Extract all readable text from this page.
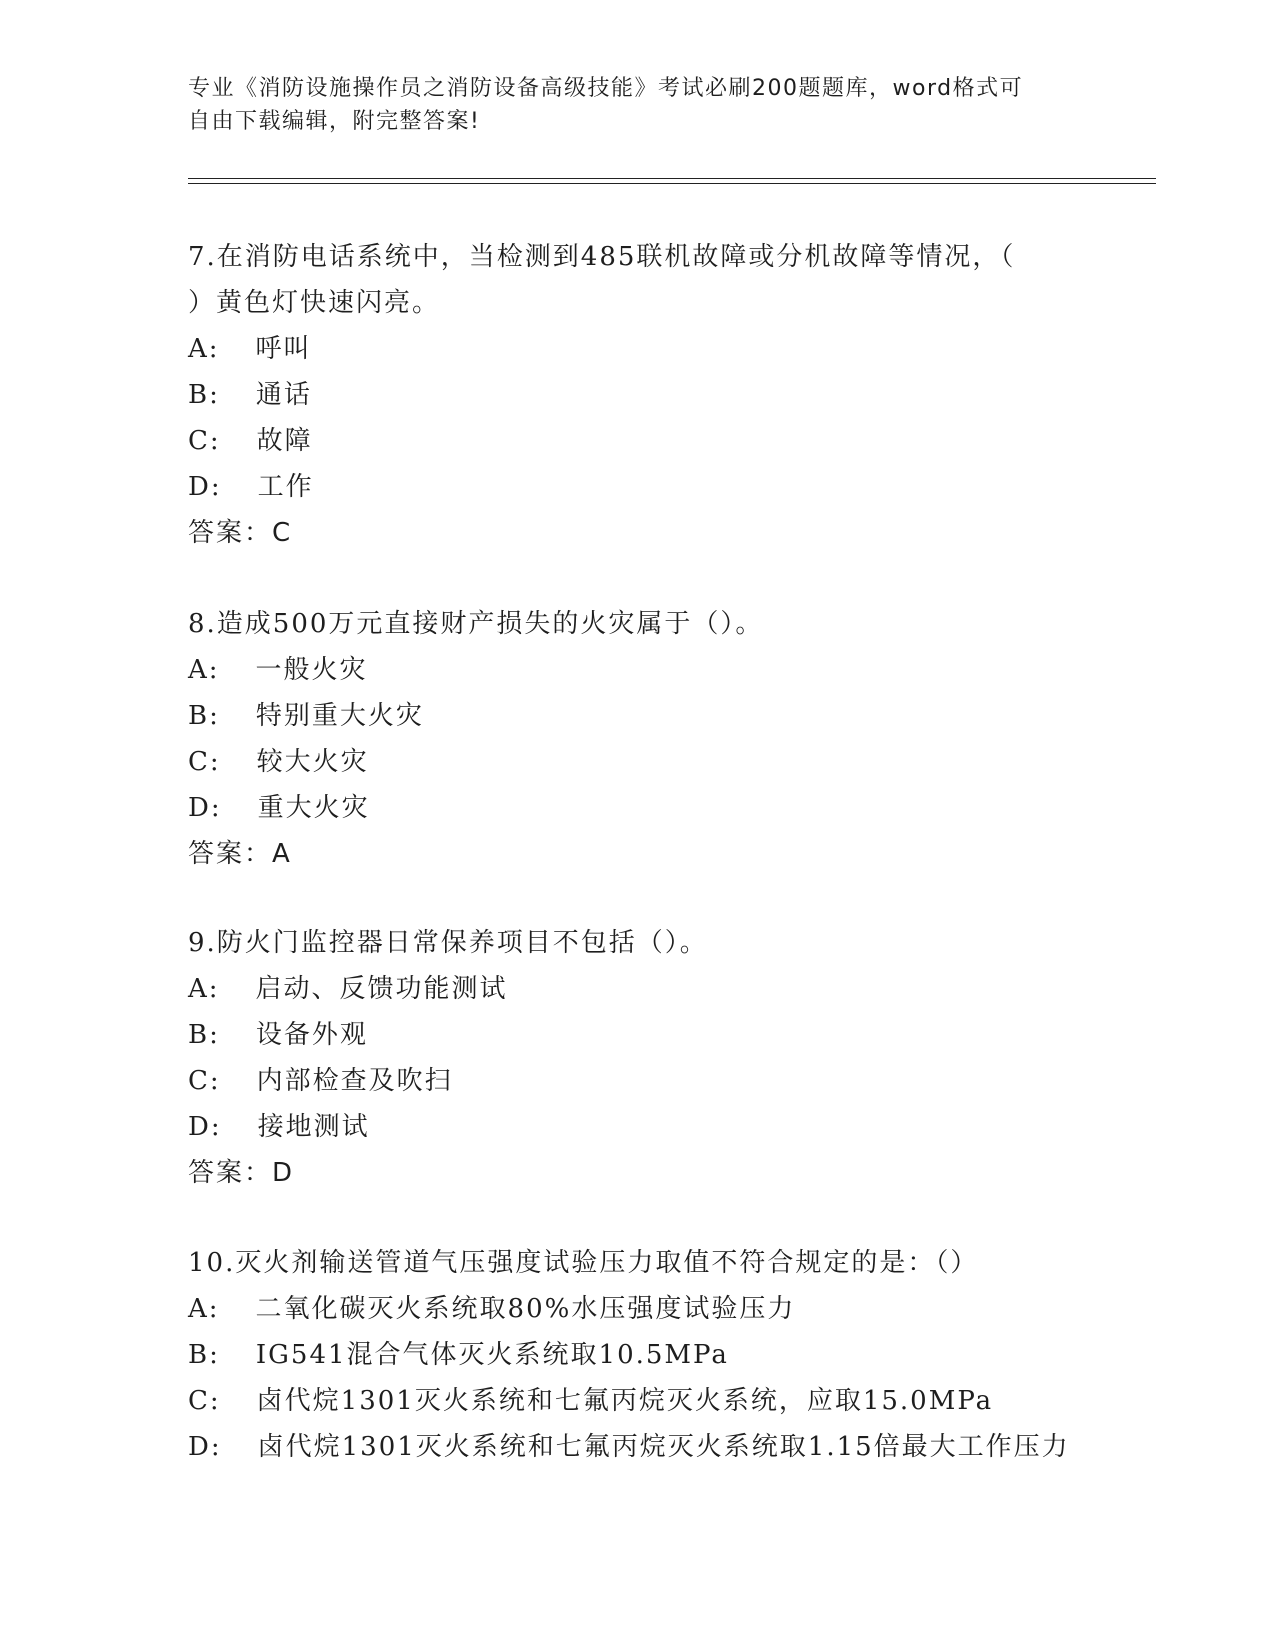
专业《消防设施操作员之消防设备高级技能》考试必刷200题题库，word格式可
自由下载编辑，附完整答案!

7.在消防电话系统中，当检测到485联机故障或分机故障等情况，（

）黄色灯快速闪亮。

A: 呼叫

B: 通话

C: 故障

D: 工作

答案：C

8.造成500万元直接财产损失的火灾属于（）。

A: 一般火灾

B: 特别重大火灾

C: 较大火灾

D: 重大火灾

答案：A

9.防火门监控器日常保养项目不包括（）。

A: 启动、反馈功能测试

B: 设备外观

C: 内部检查及吹扫

D: 接地测试

答案：D

10.灭火剂输送管道气压强度试验压力取值不符合规定的是：（）

A: 二氧化碳灭火系统取80%水压强度试验压力

B: IG541混合气体灭火系统取10.5MPa

C: 卤代烷1301灭火系统和七氟丙烷灭火系统，应取15.0MPa

D: 卤代烷1301灭火系统和七氟丙烷灭火系统取1.15倍最大工作压力
